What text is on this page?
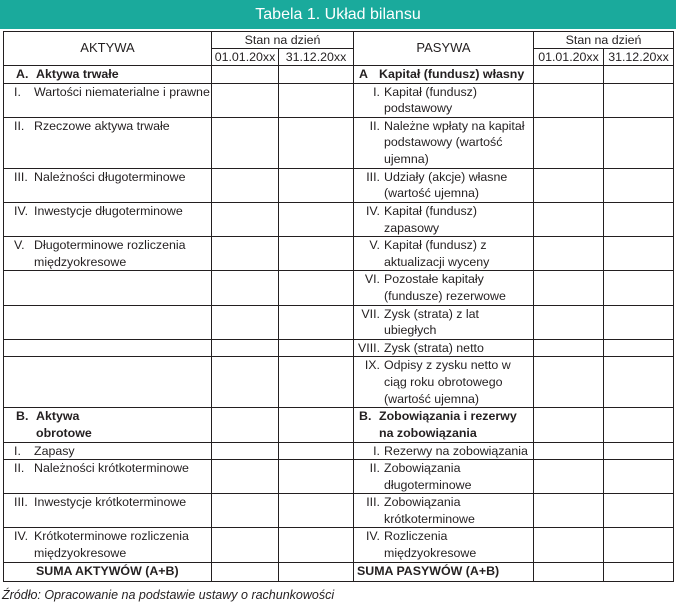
Tabela 1. Układ bilansu
AKTYWA	Stan na dzień		PASYWA	Stan na dzień	
	01.01.20xx	31.12.20xx		01.01.20xx	31.12.20xx

A. Aktywa trwałe			A Kapitał (fundusz) własny		

I. Wartości niematerialne i prawne			I. Kapitał (fundusz) podstawowy		

II. Rzeczowe aktywa trwałe			II. Należne wpłaty na kapitał podstawowy (wartość ujemna)		

III. Należności długoterminowe			III. Udziały (akcje) własne (wartość ujemna)		

IV. Inwestycje długoterminowe			IV. Kapitał (fundusz) zapasowy		

V. Długoterminowe rozliczenia międzyokresowe			V. Kapitał (fundusz) z aktualizacji wyceny		

			VI. Pozostałe kapitały (fundusze) rezerwowe		

			VII. Zysk (strata) z lat ubiegłych		

			VIII. Zysk (strata) netto		

			IX. Odpisy z zysku netto w ciąg roku obrotowego (wartość ujemna)		

B. Aktywa obrotowe			B. Zobowiązania i rezerwy na zobowiązania		

I. Zapasy			I. Rezerwy na zobowiązania		

II. Należności krótkoterminowe			II. Zobowiązania długoterminowe		

III. Inwestycje krótkoterminowe			III. Zobowiązania krótkoterminowe		

IV. Krótkoterminowe rozliczenia międzyokresowe			IV. Rozliczenia międzyokresowe		

SUMA AKTYWÓW (A+B)			SUMA PASYWÓW (A+B)		

Źródło: Opracowanie na podstawie ustawy o rachunkowości
